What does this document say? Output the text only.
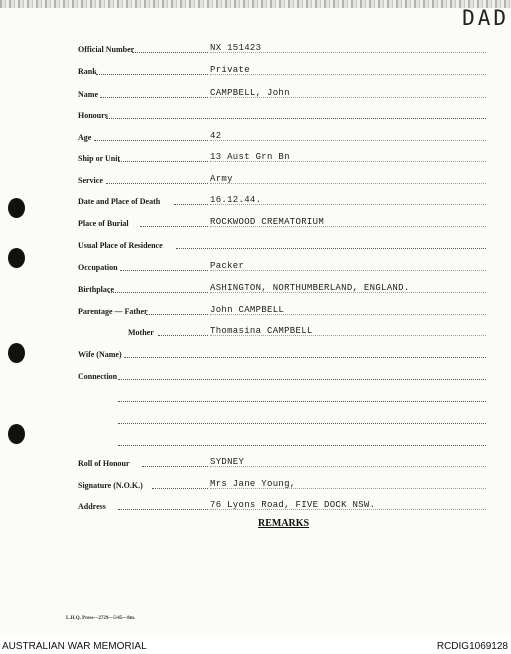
DAD
Official Number	NX 151423
Rank	Private
Name	CAMPBELL, John
Honours
Age	42
Ship or Unit	13 Aust Grn Bn
Service	Army
Date and Place of Death	16.12.44.
Place of Burial	ROCKWOOD CREMATORIUM
Usual Place of Residence
Occupation	Packer
Birthplace	ASHINGTON, NORTHUMBERLAND, ENGLAND.
Parentage — Father	John CAMPBELL
Mother	Thomasina CAMPBELL
Wife (Name)
Connection
Roll of Honour	SYDNEY
Signature (N.O.K.)	Mrs Jane Young,
Address	76 Lyons Road, FIVE DOCK NSW.
REMARKS
L.H.Q. Press—2729—5/45—8m.
AUSTRALIAN WAR MEMORIAL	RCDIG1069128
